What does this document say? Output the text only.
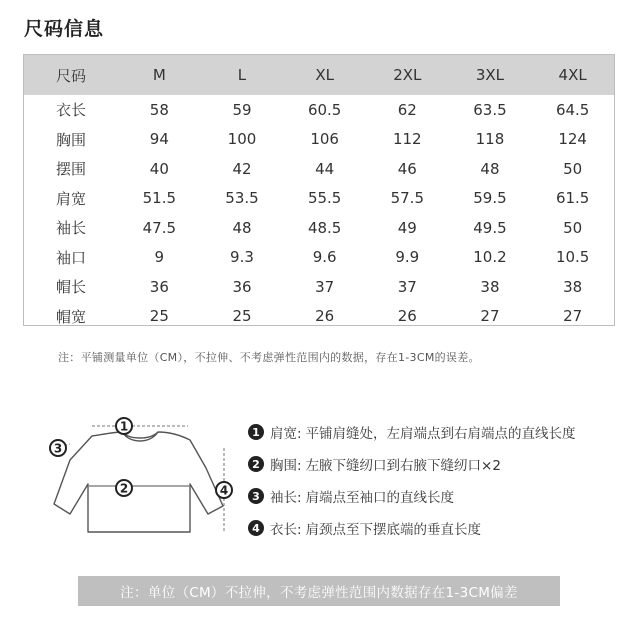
尺码信息
尺码	M	L	XL	2XL	3XL	4XL
衣长	58	59	60.5	62	63.5	64.5
胸围	94	100	106	112	118	124
摆围	40	42	44	46	48	50
肩宽	51.5	53.5	55.5	57.5	59.5	61.5
袖长	47.5	48	48.5	49	49.5	50
袖口	9	9.3	9.6	9.9	10.2	10.5
帽长	36	36	37	37	38	38
帽宽	25	25	26	26	27	27
注：平铺测量单位（CM），不拉伸、不考虑弹性范围内的数据，存在1-3CM的误差。
1
2
3
4
1 肩宽: 平铺肩缝处，左肩端点到右肩端点的直线长度
2 胸围: 左腋下缝纫口到右腋下缝纫口×2
3 袖长: 肩端点至袖口的直线长度
4 衣长: 肩颈点至下摆底端的垂直长度
注：单位（CM）不拉伸，不考虑弹性范围内数据存在1-3CM偏差
